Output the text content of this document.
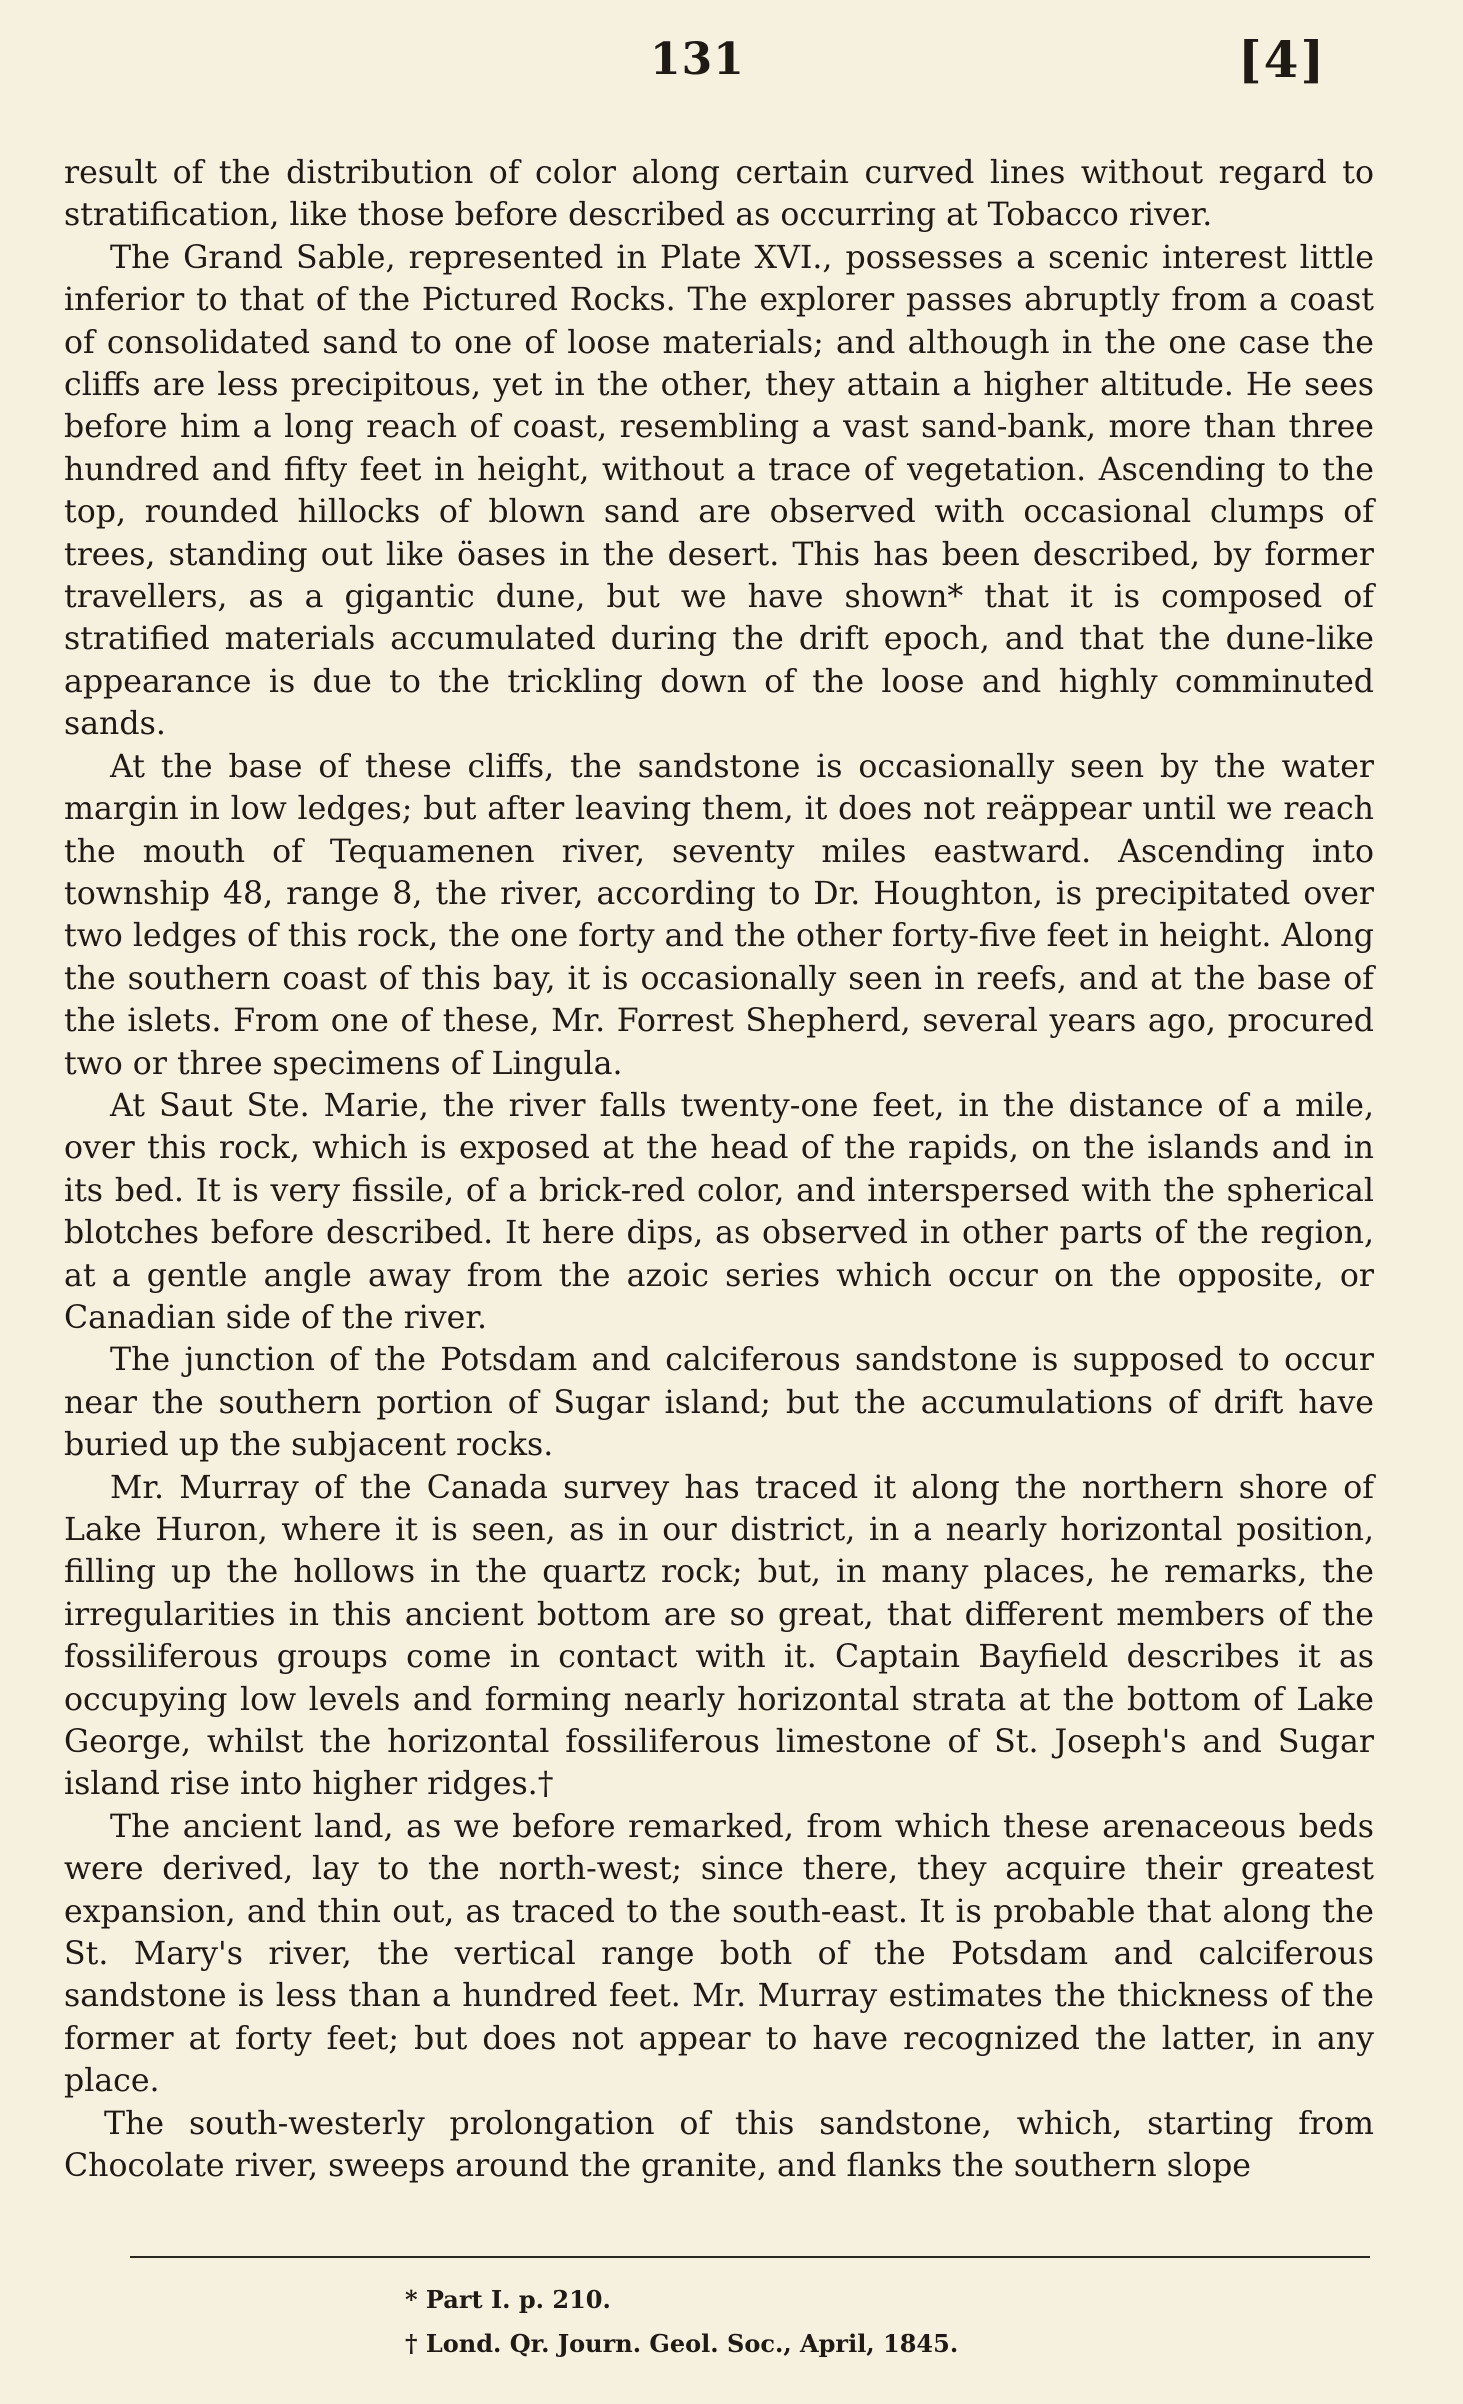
131	[4]

result of the distribution of color along certain curved lines without regard to stratification, like those before described as occurring at Tobacco river.

The Grand Sable, represented in Plate XVI., possesses a scenic interest little inferior to that of the Pictured Rocks. The explorer passes abruptly from a coast of consolidated sand to one of loose materials; and although in the one case the cliffs are less precipitous, yet in the other, they attain a higher altitude. He sees before him a long reach of coast, resembling a vast sand-bank, more than three hundred and fifty feet in height, without a trace of vegetation. Ascending to the top, rounded hillocks of blown sand are observed with occasional clumps of trees, standing out like öases in the desert. This has been described, by former travellers, as a gigantic dune, but we have shown* that it is composed of stratified materials accumulated during the drift epoch, and that the dune-like appearance is due to the trickling down of the loose and highly comminuted sands.

At the base of these cliffs, the sandstone is occasionally seen by the water margin in low ledges; but after leaving them, it does not reäppear until we reach the mouth of Tequamenen river, seventy miles eastward. Ascending into township 48, range 8, the river, according to Dr. Houghton, is precipitated over two ledges of this rock, the one forty and the other forty-five feet in height. Along the southern coast of this bay, it is occasionally seen in reefs, and at the base of the islets. From one of these, Mr. Forrest Shepherd, several years ago, procured two or three specimens of Lingula.

At Saut Ste. Marie, the river falls twenty-one feet, in the distance of a mile, over this rock, which is exposed at the head of the rapids, on the islands and in its bed. It is very fissile, of a brick-red color, and interspersed with the spherical blotches before described. It here dips, as observed in other parts of the region, at a gentle angle away from the azoic series which occur on the opposite, or Canadian side of the river.

The junction of the Potsdam and calciferous sandstone is supposed to occur near the southern portion of Sugar island; but the accumulations of drift have buried up the subjacent rocks.

Mr. Murray of the Canada survey has traced it along the northern shore of Lake Huron, where it is seen, as in our district, in a nearly horizontal position, filling up the hollows in the quartz rock; but, in many places, he remarks, the irregularities in this ancient bottom are so great, that different members of the fossiliferous groups come in contact with it. Captain Bayfield describes it as occupying low levels and forming nearly horizontal strata at the bottom of Lake George, whilst the horizontal fossiliferous limestone of St. Joseph's and Sugar island rise into higher ridges.†

The ancient land, as we before remarked, from which these arenaceous beds were derived, lay to the north-west; since there, they acquire their greatest expansion, and thin out, as traced to the south-east. It is probable that along the St. Mary's river, the vertical range both of the Potsdam and calciferous sandstone is less than a hundred feet. Mr. Murray estimates the thickness of the former at forty feet; but does not appear to have recognized the latter, in any place.

The south-westerly prolongation of this sandstone, which, starting from Chocolate river, sweeps around the granite, and flanks the southern slope

* Part I. p. 210.
† Lond. Qr. Journ. Geol. Soc., April, 1845.
